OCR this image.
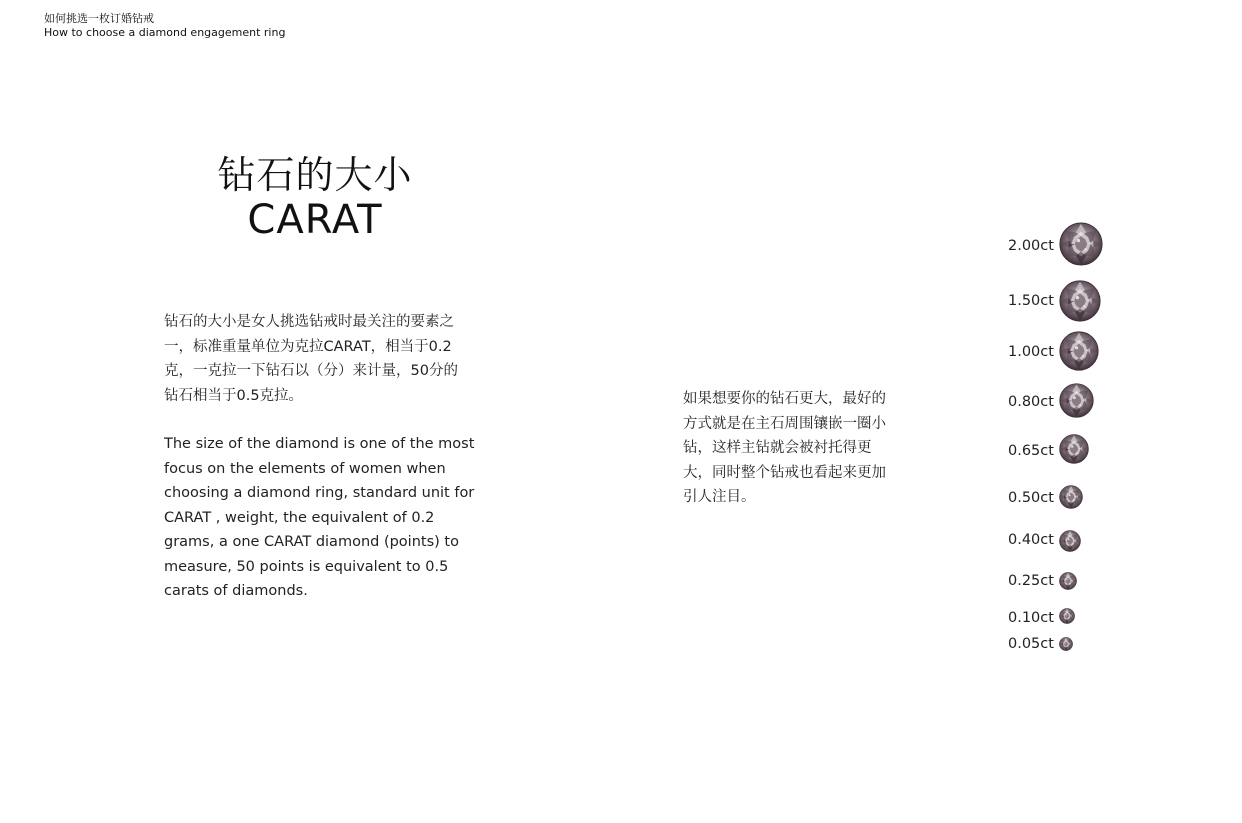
如何挑选一枚订婚钻戒
How to choose a diamond engagement ring
钻石的大小
CARAT
钻石的大小是女人挑选钻戒时最关注的要素之
一，标准重量单位为克拉CARAT，相当于0.2
克，一克拉一下钻石以（分）来计量，50分的
钻石相当于0.5克拉。
The size of the diamond is one of the most
focus on the elements of women when
choosing a diamond ring, standard unit for
CARAT , weight, the equivalent of 0.2
grams, a one CARAT diamond (points) to
measure, 50 points is equivalent to 0.5
carats of diamonds.
如果想要你的钻石更大，最好的
方式就是在主石周围镶嵌一圈小
钻，这样主钻就会被衬托得更
大，同时整个钻戒也看起来更加
引人注目。
2.00ct
1.50ct
1.00ct
0.80ct
0.65ct
0.50ct
0.40ct
0.25ct
0.10ct
0.05ct
